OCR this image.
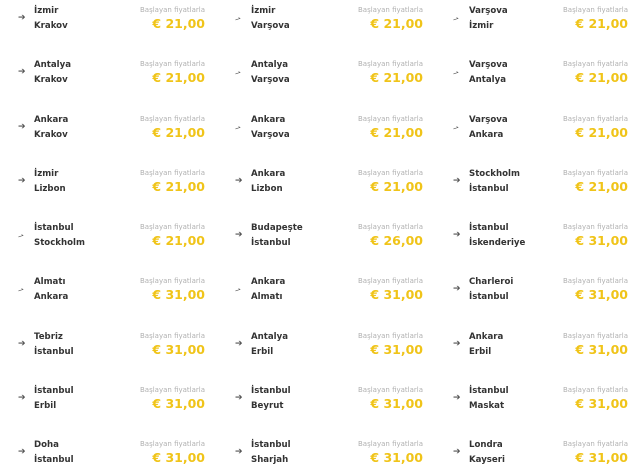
➔
İzmir
Krakov
Başlayan fiyatlarla
€ 21,00	⇀
İzmir
Varşova
Başlayan fiyatlarla
€ 21,00	⇀
Varşova
İzmir
Başlayan fiyatlarla
€ 21,00
➔
Antalya
Krakov
Başlayan fiyatlarla
€ 21,00	⇀
Antalya
Varşova
Başlayan fiyatlarla
€ 21,00	⇀
Varşova
Antalya
Başlayan fiyatlarla
€ 21,00
➔
Ankara
Krakov
Başlayan fiyatlarla
€ 21,00	⇀
Ankara
Varşova
Başlayan fiyatlarla
€ 21,00	⇀
Varşova
Ankara
Başlayan fiyatlarla
€ 21,00
➔
İzmir
Lizbon
Başlayan fiyatlarla
€ 21,00	➔
Ankara
Lizbon
Başlayan fiyatlarla
€ 21,00	➔
Stockholm
İstanbul
Başlayan fiyatlarla
€ 21,00
⇀
İstanbul
Stockholm
Başlayan fiyatlarla
€ 21,00	➔
Budapeşte
İstanbul
Başlayan fiyatlarla
€ 26,00	➔
İstanbul
İskenderiye
Başlayan fiyatlarla
€ 31,00
⇀
Almatı
Ankara
Başlayan fiyatlarla
€ 31,00	⇀
Ankara
Almatı
Başlayan fiyatlarla
€ 31,00	➔
Charleroi
İstanbul
Başlayan fiyatlarla
€ 31,00
➔
Tebriz
İstanbul
Başlayan fiyatlarla
€ 31,00	➔
Antalya
Erbil
Başlayan fiyatlarla
€ 31,00	➔
Ankara
Erbil
Başlayan fiyatlarla
€ 31,00
➔
İstanbul
Erbil
Başlayan fiyatlarla
€ 31,00	➔
İstanbul
Beyrut
Başlayan fiyatlarla
€ 31,00	➔
İstanbul
Maskat
Başlayan fiyatlarla
€ 31,00
➔
Doha
İstanbul
Başlayan fiyatlarla
€ 31,00	➔
İstanbul
Sharjah
Başlayan fiyatlarla
€ 31,00	➔
Londra
Kayseri
Başlayan fiyatlarla
€ 31,00
